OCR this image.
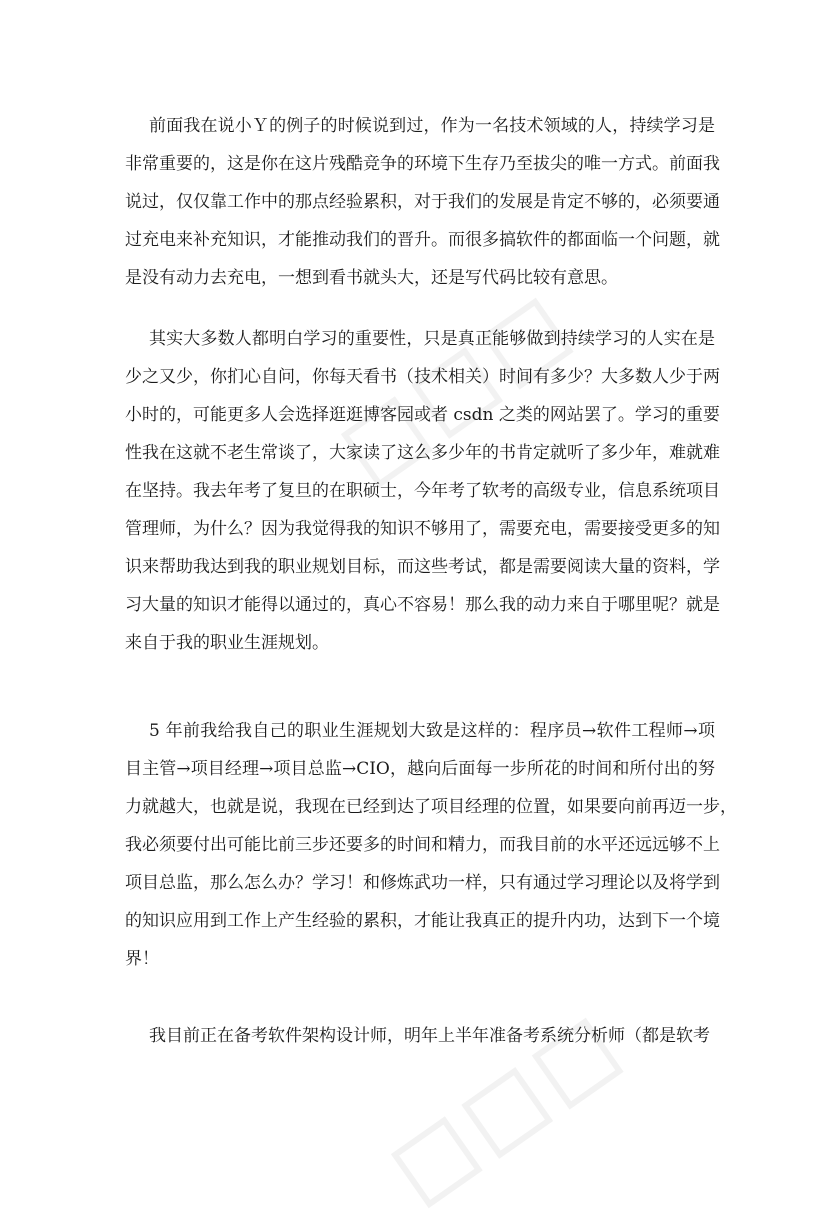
前面我在说小Ｙ的例子的时候说到过，作为一名技术领域的人，持续学习是
非常重要的，这是你在这片残酷竞争的环境下生存乃至拔尖的唯一方式。前面我
说过，仅仅靠工作中的那点经验累积，对于我们的发展是肯定不够的，必须要通
过充电来补充知识，才能推动我们的晋升。而很多搞软件的都面临一个问题，就
是没有动力去充电，一想到看书就头大，还是写代码比较有意思。
其实大多数人都明白学习的重要性，只是真正能够做到持续学习的人实在是
少之又少，你扪心自问，你每天看书（技术相关）时间有多少？大多数人少于两
小时的，可能更多人会选择逛逛博客园或者 csdn 之类的网站罢了。学习的重要
性我在这就不老生常谈了，大家读了这么多少年的书肯定就听了多少年，难就难
在坚持。我去年考了复旦的在职硕士，今年考了软考的高级专业，信息系统项目
管理师，为什么？因为我觉得我的知识不够用了，需要充电，需要接受更多的知
识来帮助我达到我的职业规划目标，而这些考试，都是需要阅读大量的资料，学
习大量的知识才能得以通过的，真心不容易！那么我的动力来自于哪里呢？就是
来自于我的职业生涯规划。
5 年前我给我自己的职业生涯规划大致是这样的：程序员→软件工程师→项
目主管→项目经理→项目总监→CIO，越向后面每一步所花的时间和所付出的努
力就越大，也就是说，我现在已经到达了项目经理的位置，如果要向前再迈一步，
我必须要付出可能比前三步还要多的时间和精力，而我目前的水平还远远够不上
项目总监，那么怎么办？学习！和修炼武功一样，只有通过学习理论以及将学到
的知识应用到工作上产生经验的累积，才能让我真正的提升内功，达到下一个境
界！
我目前正在备考软件架构设计师，明年上半年准备考系统分析师（都是软考
